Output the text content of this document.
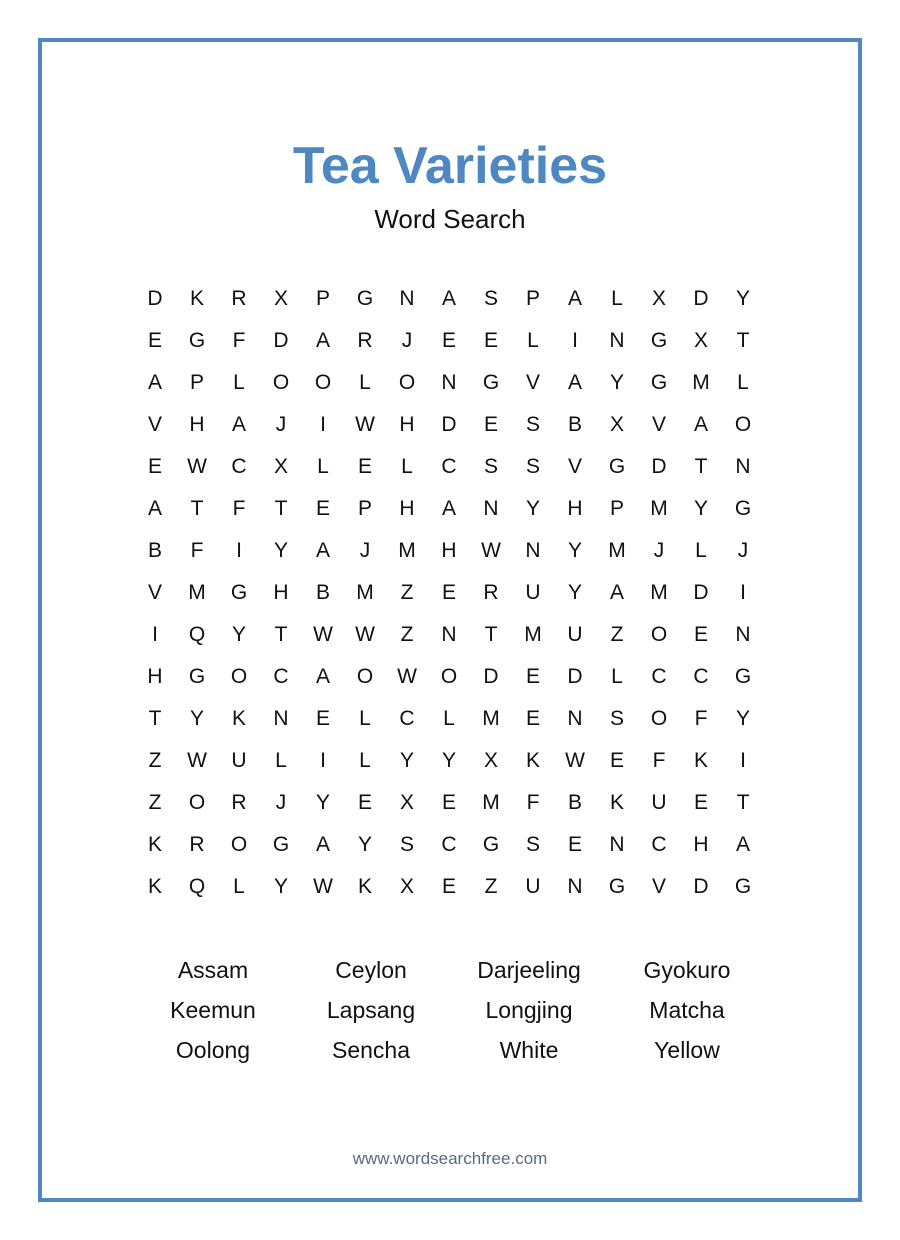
Tea Varieties
Word Search
D	K	R	X	P	G	N	A	S	P	A	L	X	D	Y
E	G	F	D	A	R	J	E	E	L	I	N	G	X	T
A	P	L	O	O	L	O	N	G	V	A	Y	G	M	L
V	H	A	J	I	W	H	D	E	S	B	X	V	A	O
E	W	C	X	L	E	L	C	S	S	V	G	D	T	N
A	T	F	T	E	P	H	A	N	Y	H	P	M	Y	G
B	F	I	Y	A	J	M	H	W	N	Y	M	J	L	J
V	M	G	H	B	M	Z	E	R	U	Y	A	M	D	I
I	Q	Y	T	W	W	Z	N	T	M	U	Z	O	E	N
H	G	O	C	A	O	W	O	D	E	D	L	C	C	G
T	Y	K	N	E	L	C	L	M	E	N	S	O	F	Y
Z	W	U	L	I	L	Y	Y	X	K	W	E	F	K	I
Z	O	R	J	Y	E	X	E	M	F	B	K	U	E	T
K	R	O	G	A	Y	S	C	G	S	E	N	C	H	A
K	Q	L	Y	W	K	X	E	Z	U	N	G	V	D	G
Assam	Ceylon	Darjeeling	Gyokuro
Keemun	Lapsang	Longjing	Matcha
Oolong	Sencha	White	Yellow
www.wordsearchfree.com
